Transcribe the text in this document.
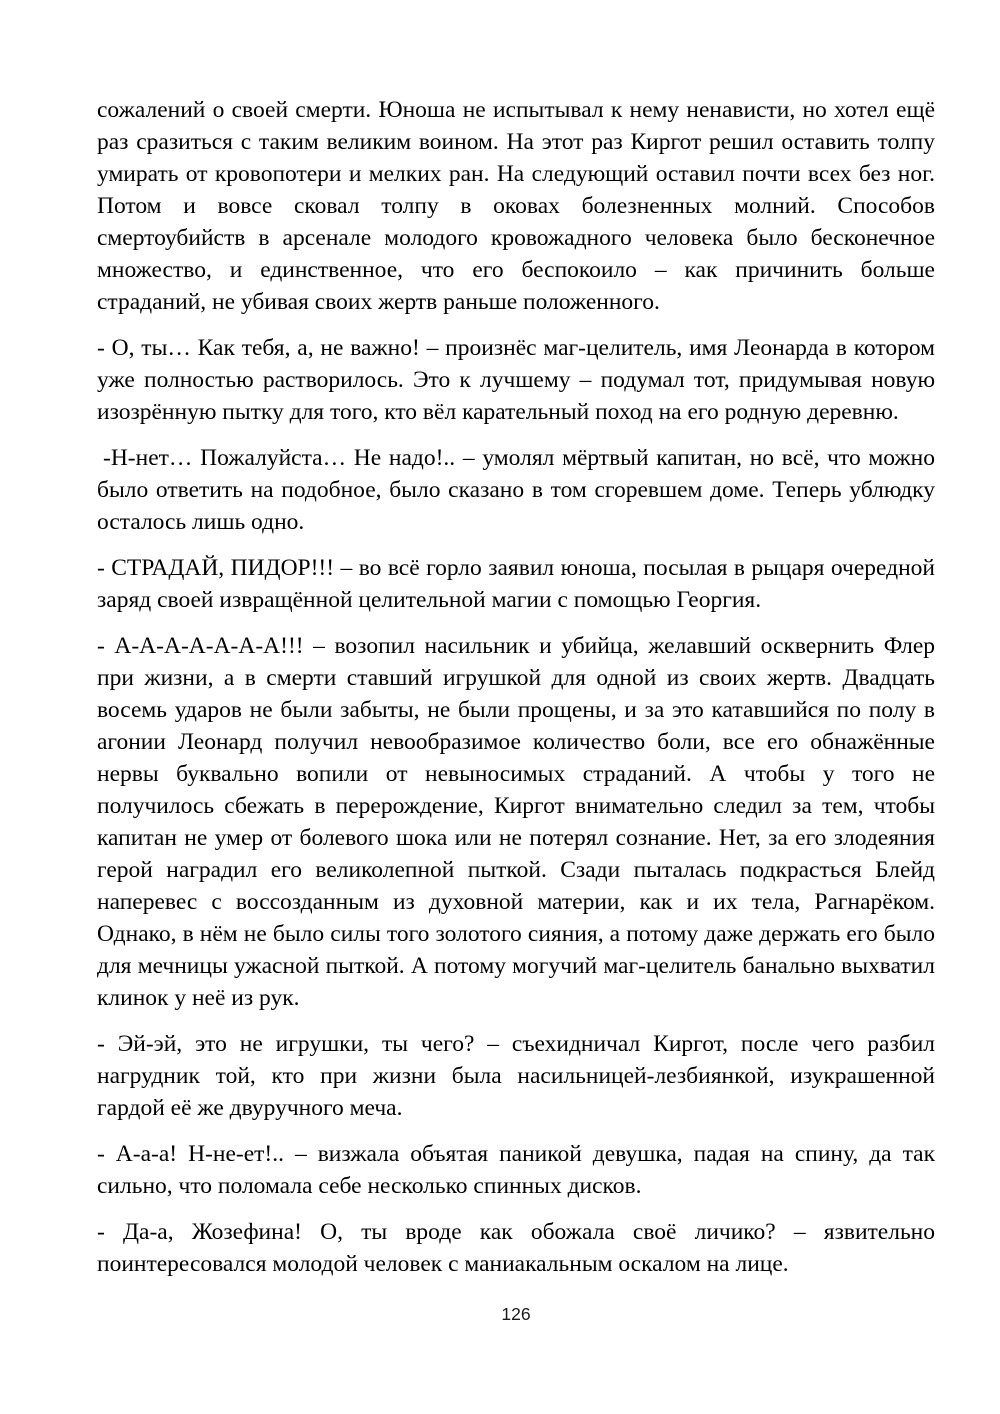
сожалений о своей смерти. Юноша не испытывал к нему ненависти, но хотел ещё раз сразиться с таким великим воином. На этот раз Киргот решил оставить толпу умирать от кровопотери и мелких ран. На следующий оставил почти всех без ног. Потом и вовсе сковал толпу в оковах болезненных молний. Способов смертоубийств в арсенале молодого кровожадного человека было бесконечное множество, и единственное, что его беспокоило – как причинить больше страданий, не убивая своих жертв раньше положенного.

- О, ты… Как тебя, а, не важно! – произнёс маг-целитель, имя Леонарда в котором уже полностью растворилось. Это к лучшему – подумал тот, придумывая новую изозрённую пытку для того, кто вёл карательный поход на его родную деревню.

-Н-нет… Пожалуйста… Не надо!.. – умолял мёртвый капитан, но всё, что можно было ответить на подобное, было сказано в том сгоревшем доме. Теперь ублюдку осталось лишь одно.

- СТРАДАЙ, ПИДОР!!! – во всё горло заявил юноша, посылая в рыцаря очередной заряд своей извращённой целительной магии с помощью Георгия.

- А-А-А-А-А-А-А!!! – возопил насильник и убийца, желавший осквернить Флер при жизни, а в смерти ставший игрушкой для одной из своих жертв. Двадцать восемь ударов не были забыты, не были прощены, и за это катавшийся по полу в агонии Леонард получил невообразимое количество боли, все его обнажённые нервы буквально вопили от невыносимых страданий. А чтобы у того не получилось сбежать в перерождение, Киргот внимательно следил за тем, чтобы капитан не умер от болевого шока или не потерял сознание. Нет, за его злодеяния герой наградил его великолепной пыткой. Сзади пыталась подкрасться Блейд наперевес с воссозданным из духовной материи, как и их тела, Рагнарёком. Однако, в нём не было силы того золотого сияния, а потому даже держать его было для мечницы ужасной пыткой. А потому могучий маг-целитель банально выхватил клинок у неё из рук.

- Эй-эй, это не игрушки, ты чего? – съехидничал Киргот, после чего разбил нагрудник той, кто при жизни была насильницей-лезбиянкой, изукрашенной гардой её же двуручного меча.

- А-а-а! Н-не-ет!.. – визжала объятая паникой девушка, падая на спину, да так сильно, что поломала себе несколько спинных дисков.

- Да-а, Жозефина! О, ты вроде как обожала своё личико? – язвительно поинтересовался молодой человек с маниакальным оскалом на лице.

126
